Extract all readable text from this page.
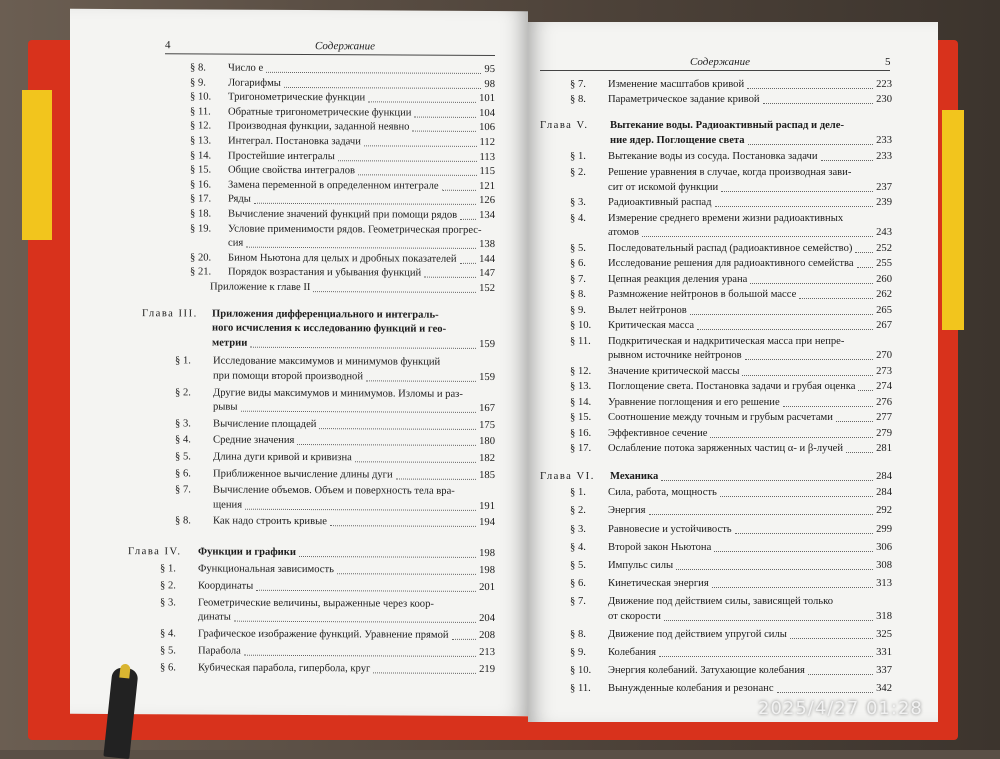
4	Содержание
§ 8.	Число e	95
§ 9.	Логарифмы	98
§ 10.	Тригонометрические функции	101
§ 11.	Обратные тригонометрические функции	104
§ 12.	Производная функции, заданной неявно	106
§ 13.	Интеграл. Постановка задачи	112
§ 14.	Простейшие интегралы	113
§ 15.	Общие свойства интегралов	115
§ 16.	Замена переменной в определенном интеграле	121
§ 17.	Ряды	126
§ 18.	Вычисление значений функций при помощи рядов 134
§ 19.	Условие применимости рядов. Геометрическая прогрес-
сия	138
§ 20.	Бином Ньютона для целых и дробных показателей 144
§ 21.	Порядок возрастания и убывания функций	147
Приложение к главе II	152
Глава III.	Приложения дифференциального и интеграль-
ного исчисления к исследованию функций и гео-
метрии	159
§ 1.	Исследование максимумов и минимумов функций
при помощи второй производной	159
§ 2.	Другие виды максимумов и минимумов. Изломы и раз-
рывы	167
§ 3.	Вычисление площадей	175
§ 4.	Средние значения	180
§ 5.	Длина дуги кривой и кривизна	182
§ 6.	Приближенное вычисление длины дуги	185
§ 7.	Вычисление объемов. Объем и поверхность тела вра-
щения	191
§ 8.	Как надо строить кривые	194
Глава IV.	Функции и графики	198
§ 1.	Функциональная зависимость	198
§ 2.	Координаты	201
§ 3.	Геометрические величины, выраженные через коор-
динаты	204
§ 4.	Графическое изображение функций. Уравнение прямой	208
§ 5.	Парабола	213
§ 6.	Кубическая парабола, гипербола, круг	219
Содержание	5
§ 7.	Изменение масштабов кривой	223
§ 8.	Параметрическое задание кривой	230
Глава V.	Вытекание воды. Радиоактивный распад и деле-
ние ядер. Поглощение света	233
§ 1.	Вытекание воды из сосуда. Постановка задачи	233
§ 2.	Решение уравнения в случае, когда производная зави-
сит от искомой функции	237
§ 3.	Радиоактивный распад	239
§ 4.	Измерение среднего времени жизни радиоактивных
атомов	243
§ 5.	Последовательный распад (радиоактивное семейство) 252
§ 6.	Исследование решения для радиоактивного семейства 255
§ 7.	Цепная реакция деления урана	260
§ 8.	Размножение нейтронов в большой массе	262
§ 9.	Вылет нейтронов	265
§ 10.	Критическая масса	267
§ 11.	Подкритическая и надкритическая масса при непре-
рывном источнике нейтронов	270
§ 12.	Значение критической массы	273
§ 13.	Поглощение света. Постановка задачи и грубая оценка 274
§ 14.	Уравнение поглощения и его решение	276
§ 15.	Соотношение между точным и грубым расчетами	277
§ 16.	Эффективное сечение	279
§ 17.	Ослабление потока заряженных частиц α- и β-лучей	281
Глава VI.	Механика	284
§ 1.	Сила, работа, мощность	284
§ 2.	Энергия	292
§ 3.	Равновесие и устойчивость	299
§ 4.	Второй закон Ньютона	306
§ 5.	Импульс силы	308
§ 6.	Кинетическая энергия	313
§ 7.	Движение под действием силы, зависящей только
от скорости	318
§ 8.	Движение под действием упругой силы	325
§ 9.	Колебания	331
§ 10.	Энергия колебаний. Затухающие колебания	337
§ 11.	Вынужденные колебания и резонанс	342
2025/4/27 01:28
